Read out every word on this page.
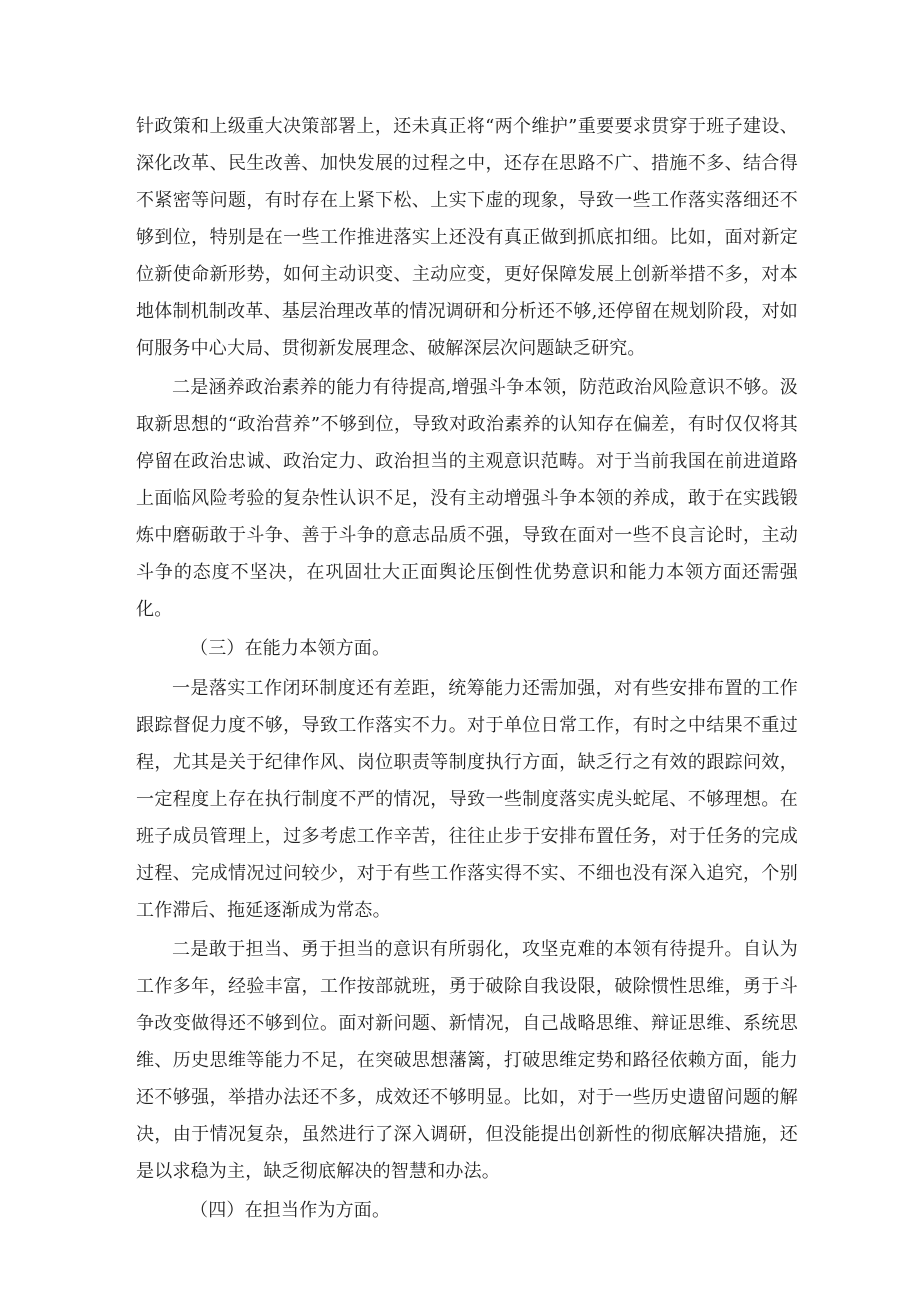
针政策和上级重大决策部署上，还未真正将“两个维护”重要要求贯穿于班子建设、深化改革、民生改善、加快发展的过程之中，还存在思路不广、措施不多、结合得不紧密等问题，有时存在上紧下松、上实下虚的现象，导致一些工作落实落细还不够到位，特别是在一些工作推进落实上还没有真正做到抓底扣细。比如，面对新定位新使命新形势，如何主动识变、主动应变，更好保障发展上创新举措不多，对本地体制机制改革、基层治理改革的情况调研和分析还不够,还停留在规划阶段，对如何服务中心大局、贯彻新发展理念、破解深层次问题缺乏研究。

二是涵养政治素养的能力有待提高,增强斗争本领，防范政治风险意识不够。汲取新思想的“政治营养”不够到位，导致对政治素养的认知存在偏差，有时仅仅将其停留在政治忠诚、政治定力、政治担当的主观意识范畴。对于当前我国在前进道路上面临风险考验的复杂性认识不足，没有主动增强斗争本领的养成，敢于在实践锻炼中磨砺敢于斗争、善于斗争的意志品质不强，导致在面对一些不良言论时，主动斗争的态度不坚决，在巩固壮大正面舆论压倒性优势意识和能力本领方面还需强化。

（三）在能力本领方面。

一是落实工作闭环制度还有差距，统筹能力还需加强，对有些安排布置的工作跟踪督促力度不够，导致工作落实不力。对于单位日常工作，有时之中结果不重过程，尤其是关于纪律作风、岗位职责等制度执行方面，缺乏行之有效的跟踪问效，一定程度上存在执行制度不严的情况，导致一些制度落实虎头蛇尾、不够理想。在班子成员管理上，过多考虑工作辛苦，往往止步于安排布置任务，对于任务的完成过程、完成情况过问较少，对于有些工作落实得不实、不细也没有深入追究，个别工作滞后、拖延逐渐成为常态。

二是敢于担当、勇于担当的意识有所弱化，攻坚克难的本领有待提升。自认为工作多年，经验丰富，工作按部就班，勇于破除自我设限，破除惯性思维，勇于斗争改变做得还不够到位。面对新问题、新情况，自己战略思维、辩证思维、系统思维、历史思维等能力不足，在突破思想藩篱，打破思维定势和路径依赖方面，能力还不够强，举措办法还不多，成效还不够明显。比如，对于一些历史遗留问题的解决，由于情况复杂，虽然进行了深入调研，但没能提出创新性的彻底解决措施，还是以求稳为主，缺乏彻底解决的智慧和办法。

（四）在担当作为方面。
